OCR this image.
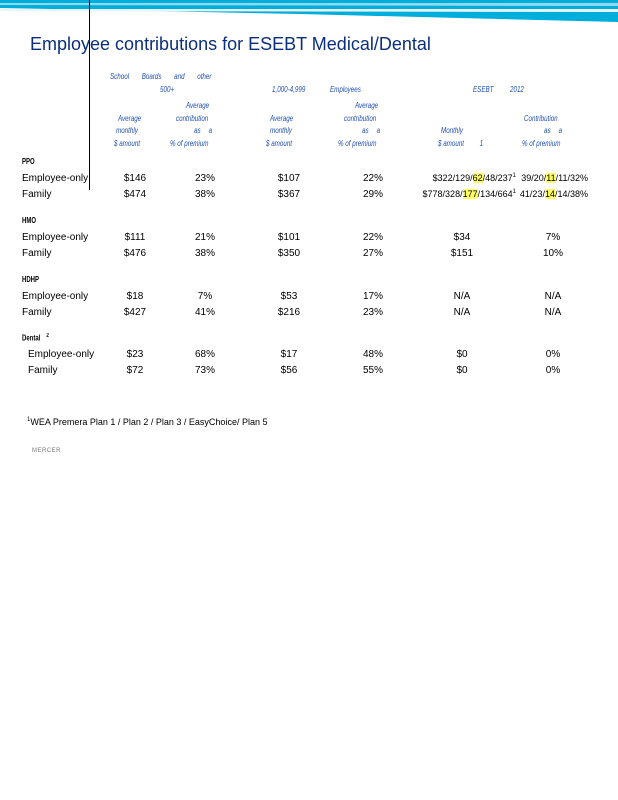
Employee contributions for ESEBT Medical/Dental
School Boards and other
500+	1,000-4,999	Employees	ESEBT 2012
Average
Average	contribution
monthly	as a
$ amount	% of premium
Average
Average	contribution
monthly	as a
$ amount	% of premium
Monthly
$ amount 1
Contribution
as a
% of premium
PPO
Employee-only	$146	23%	$107	22%	$\$322/129/62/48/237^1$ 39/20/11/11/32%
Family	$474	38%	$367	29%	$\$778/328/177/134/664^1$ 41/23/14/14/38%
HMO
Employee-only	$111	21%	$101	22%	$34	7%
Family	$476	38%	$350	27%	$151	10%
HDHP
Employee-only	$18	7%	$53	17%	N/A	N/A
Family	$427	41%	$216	23%	N/A	N/A
Dental $^2$
Employee-only	$23	68%	$17	48%	$0	0%
Family	$72	73%	$56	55%	$0	0%
$^1$WEA Premera Plan 1 / Plan 2 / Plan 3 / EasyChoice/ Plan 5
MERCER
